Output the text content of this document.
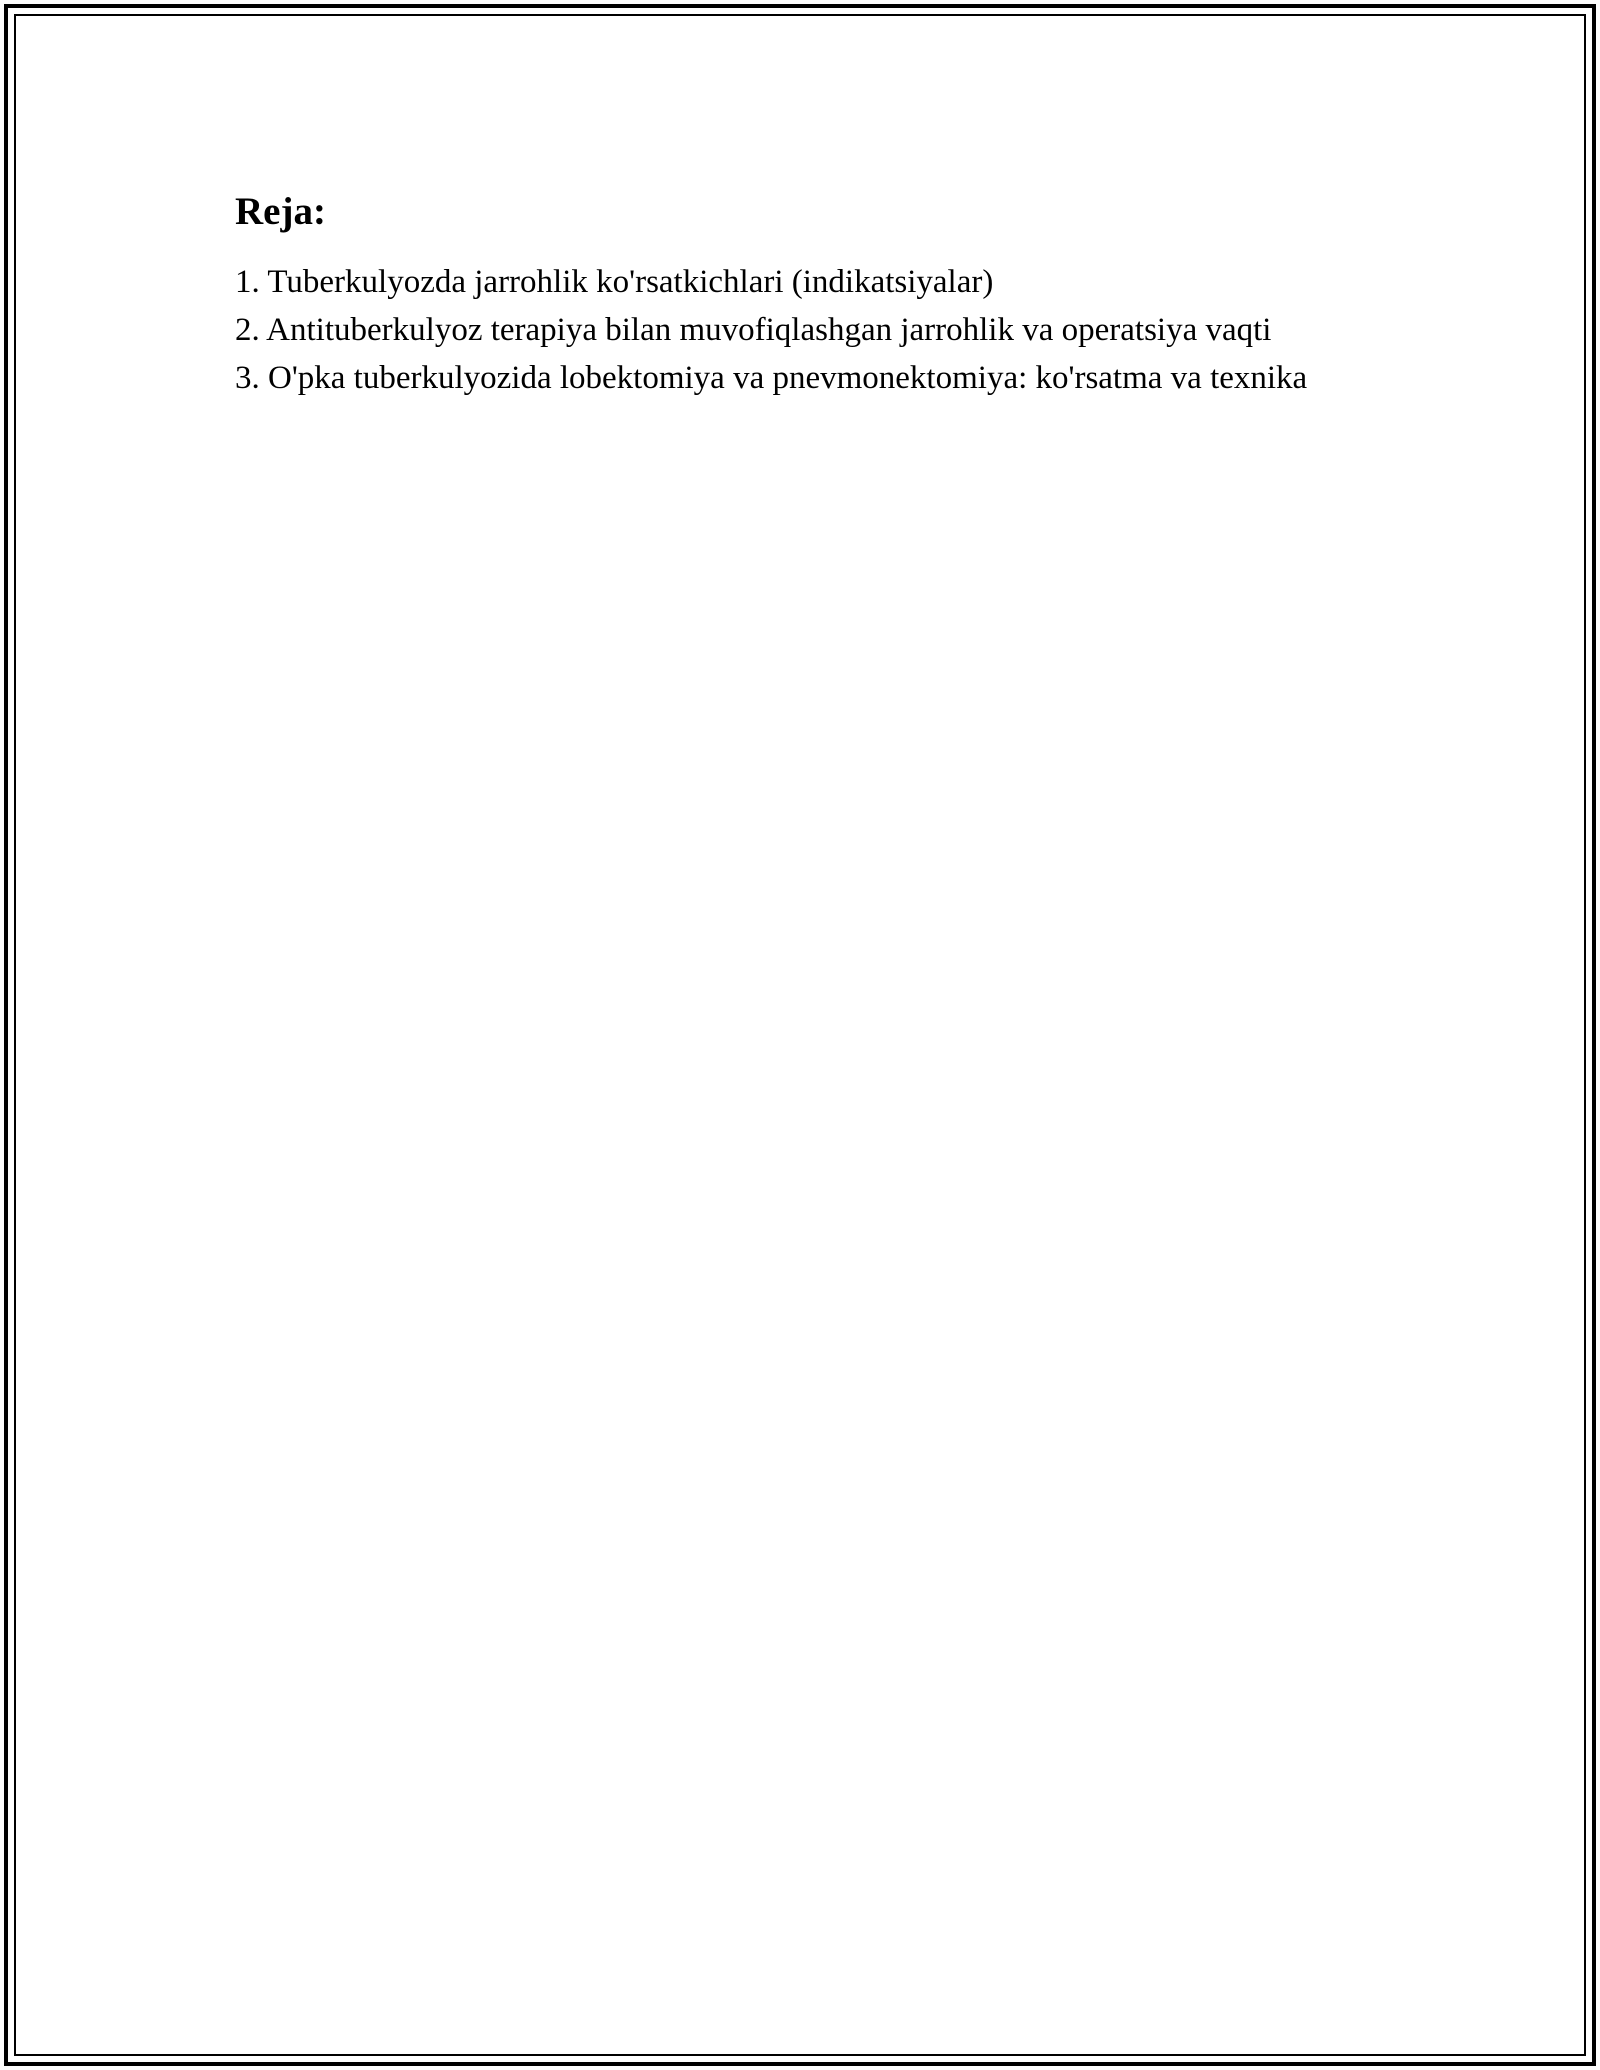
Reja:
1. Tuberkulyozda jarrohlik ko'rsatkichlari (indikatsiyalar)
2. Antituberkulyoz terapiya bilan muvofiqlashgan jarrohlik va operatsiya vaqti
3. O'pka tuberkulyozida lobektomiya va pnevmonektomiya: ko'rsatma va texnika
